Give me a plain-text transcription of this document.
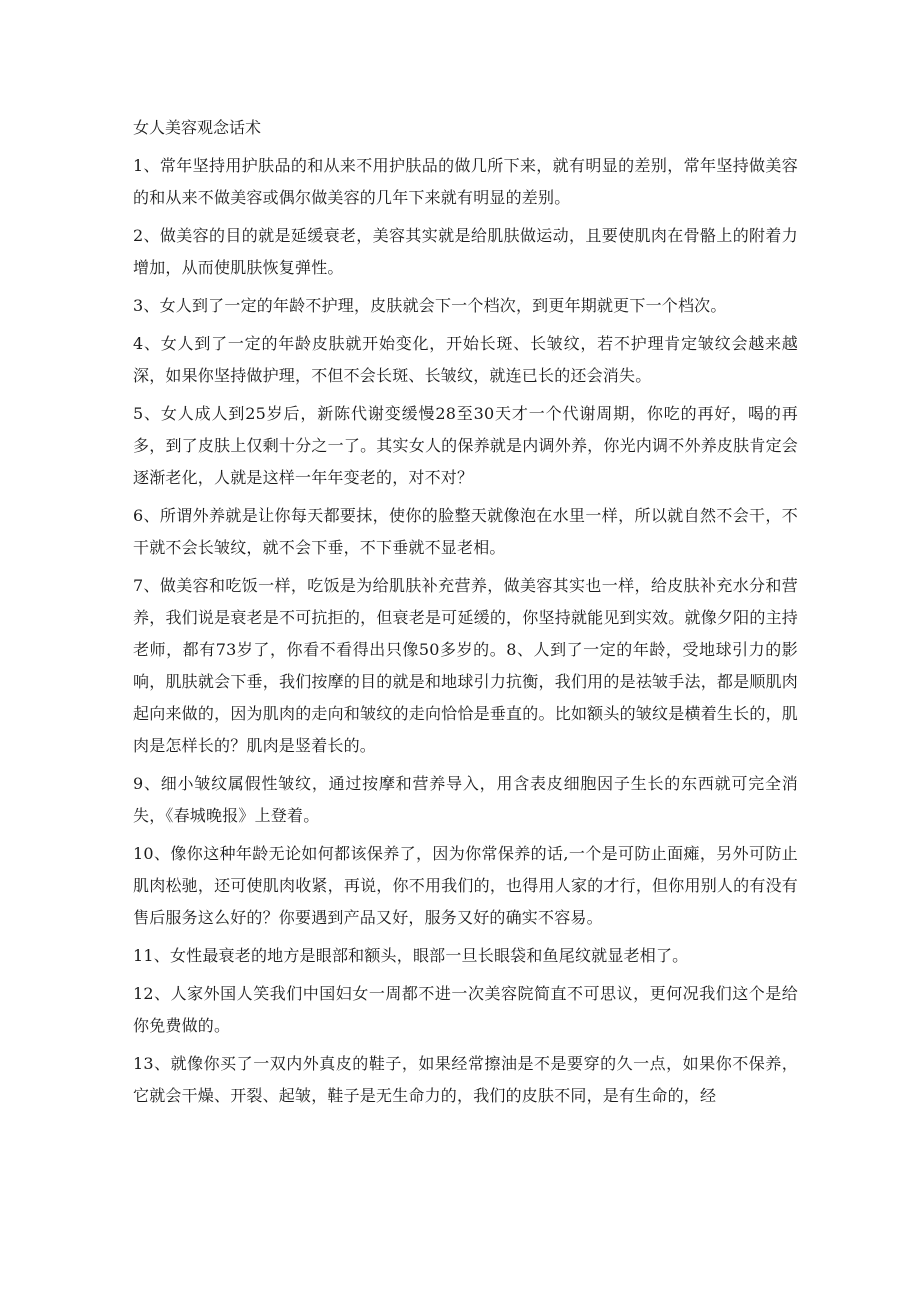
女人美容观念话术

1、常年坚持用护肤品的和从来不用护肤品的做几所下来，就有明显的差别，常年坚持做美容的和从来不做美容或偶尔做美容的几年下来就有明显的差别。

2、做美容的目的就是延缓衰老，美容其实就是给肌肤做运动，且要使肌肉在骨骼上的附着力增加，从而使肌肤恢复弹性。

3、女人到了一定的年龄不护理，皮肤就会下一个档次，到更年期就更下一个档次。

4、女人到了一定的年龄皮肤就开始变化，开始长斑、长皱纹，若不护理肯定皱纹会越来越深，如果你坚持做护理，不但不会长斑、长皱纹，就连已长的还会消失。

5、女人成人到25岁后，新陈代谢变缓慢28至30天才一个代谢周期，你吃的再好，喝的再多，到了皮肤上仅剩十分之一了。其实女人的保养就是内调外养，你光内调不外养皮肤肯定会逐渐老化，人就是这样一年年变老的，对不对？

6、所谓外养就是让你每天都要抹，使你的脸整天就像泡在水里一样，所以就自然不会干，不干就不会长皱纹，就不会下垂，不下垂就不显老相。

7、做美容和吃饭一样，吃饭是为给肌肤补充营养，做美容其实也一样，给皮肤补充水分和营养，我们说是衰老是不可抗拒的，但衰老是可延缓的，你坚持就能见到实效。就像夕阳的主持老师，都有73岁了，你看不看得出只像50多岁的。8、人到了一定的年龄，受地球引力的影响，肌肤就会下垂，我们按摩的目的就是和地球引力抗衡，我们用的是祛皱手法，都是顺肌肉起向来做的，因为肌肉的走向和皱纹的走向恰恰是垂直的。比如额头的皱纹是横着生长的，肌肉是怎样长的？肌肉是竖着长的。

9、细小皱纹属假性皱纹，通过按摩和营养导入，用含表皮细胞因子生长的东西就可完全消失，《春城晚报》上登着。

10、像你这种年龄无论如何都该保养了，因为你常保养的话,一个是可防止面瘫，另外可防止肌肉松驰，还可使肌肉收紧，再说，你不用我们的，也得用人家的才行，但你用别人的有没有售后服务这么好的？你要遇到产品又好，服务又好的确实不容易。

11、女性最衰老的地方是眼部和额头，眼部一旦长眼袋和鱼尾纹就显老相了。

12、人家外国人笑我们中国妇女一周都不进一次美容院简直不可思议，更何况我们这个是给你免费做的。

13、就像你买了一双内外真皮的鞋子，如果经常擦油是不是要穿的久一点，如果你不保养，它就会干燥、开裂、起皱，鞋子是无生命力的，我们的皮肤不同，是有生命的，经
